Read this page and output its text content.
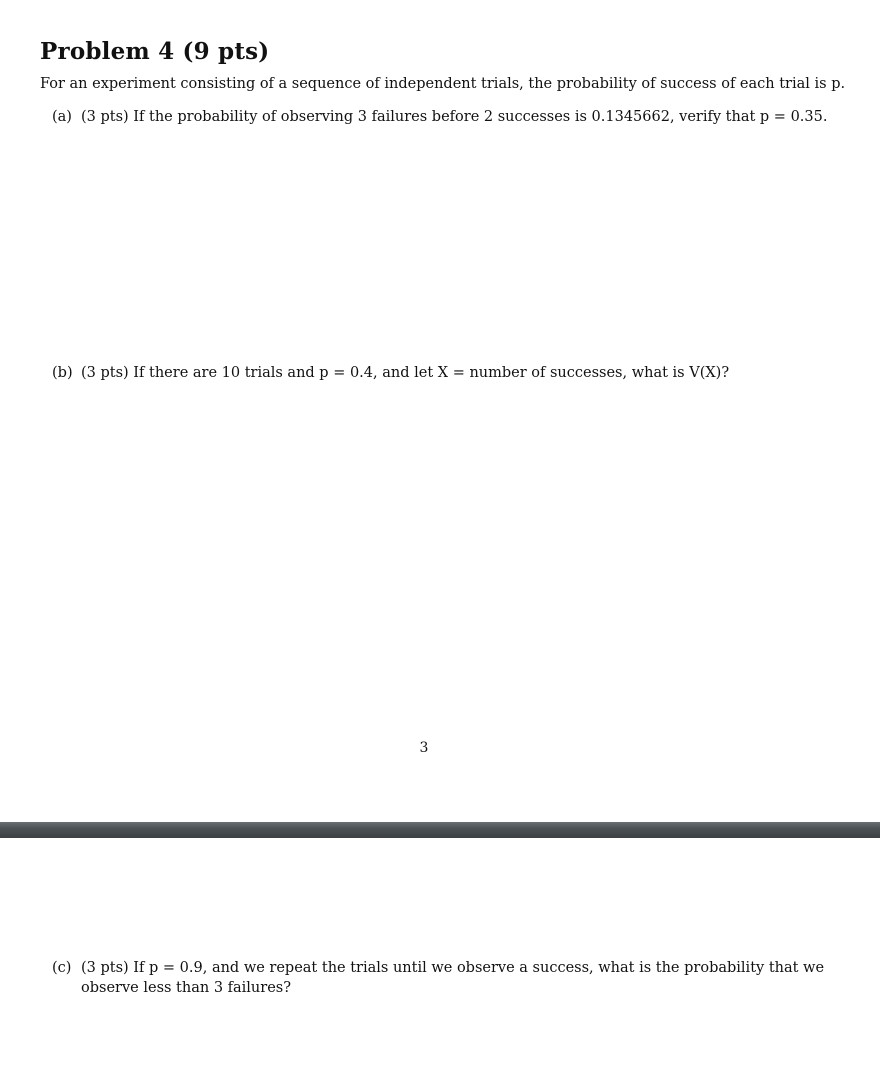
Problem 4 (9 pts)
For an experiment consisting of a sequence of independent trials, the probability of success of each trial is p.
(a) (3 pts) If the probability of observing 3 failures before 2 successes is 0.1345662, verify that p = 0.35.
(b) (3 pts) If there are 10 trials and p = 0.4, and let X = number of successes, what is V(X)?
3
(c) (3 pts) If p = 0.9, and we repeat the trials until we observe a success, what is the probability that we
observe less than 3 failures?
